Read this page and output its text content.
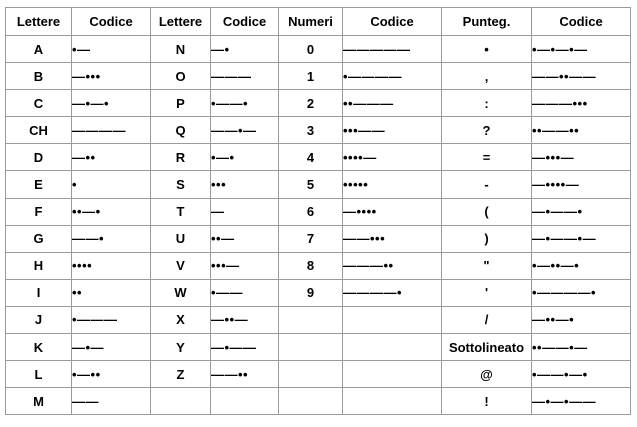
Lettere	Codice	Lettere	Codice	Numeri	Codice	Punteg.	Codice
A	•—	N	—•	0	—————	•	•—•—•—
B	—•••	O	———	1	•————	,	——••——
C	—•—•	P	•——•	2	••———	:	———•••
CH	————	Q	——•—	3	•••——	?	••——••
D	—••	R	•—•	4	••••—	=	—•••—
E	•	S	•••	5	•••••	-	—••••—
F	••—•	T	—	6	—••••	(	—•——•
G	——•	U	••—	7	——•••	)	—•——•—
H	••••	V	•••—	8	———••	"	•—••—•
I	••	W	•——	9	————•	'	•————•
J	•———	X	—••—			/	—••—•
K	—•—	Y	—•——			Sottolineato	••——•—
L	•—••	Z	——••			@	•——•—•
M	——					!	—•—•——
